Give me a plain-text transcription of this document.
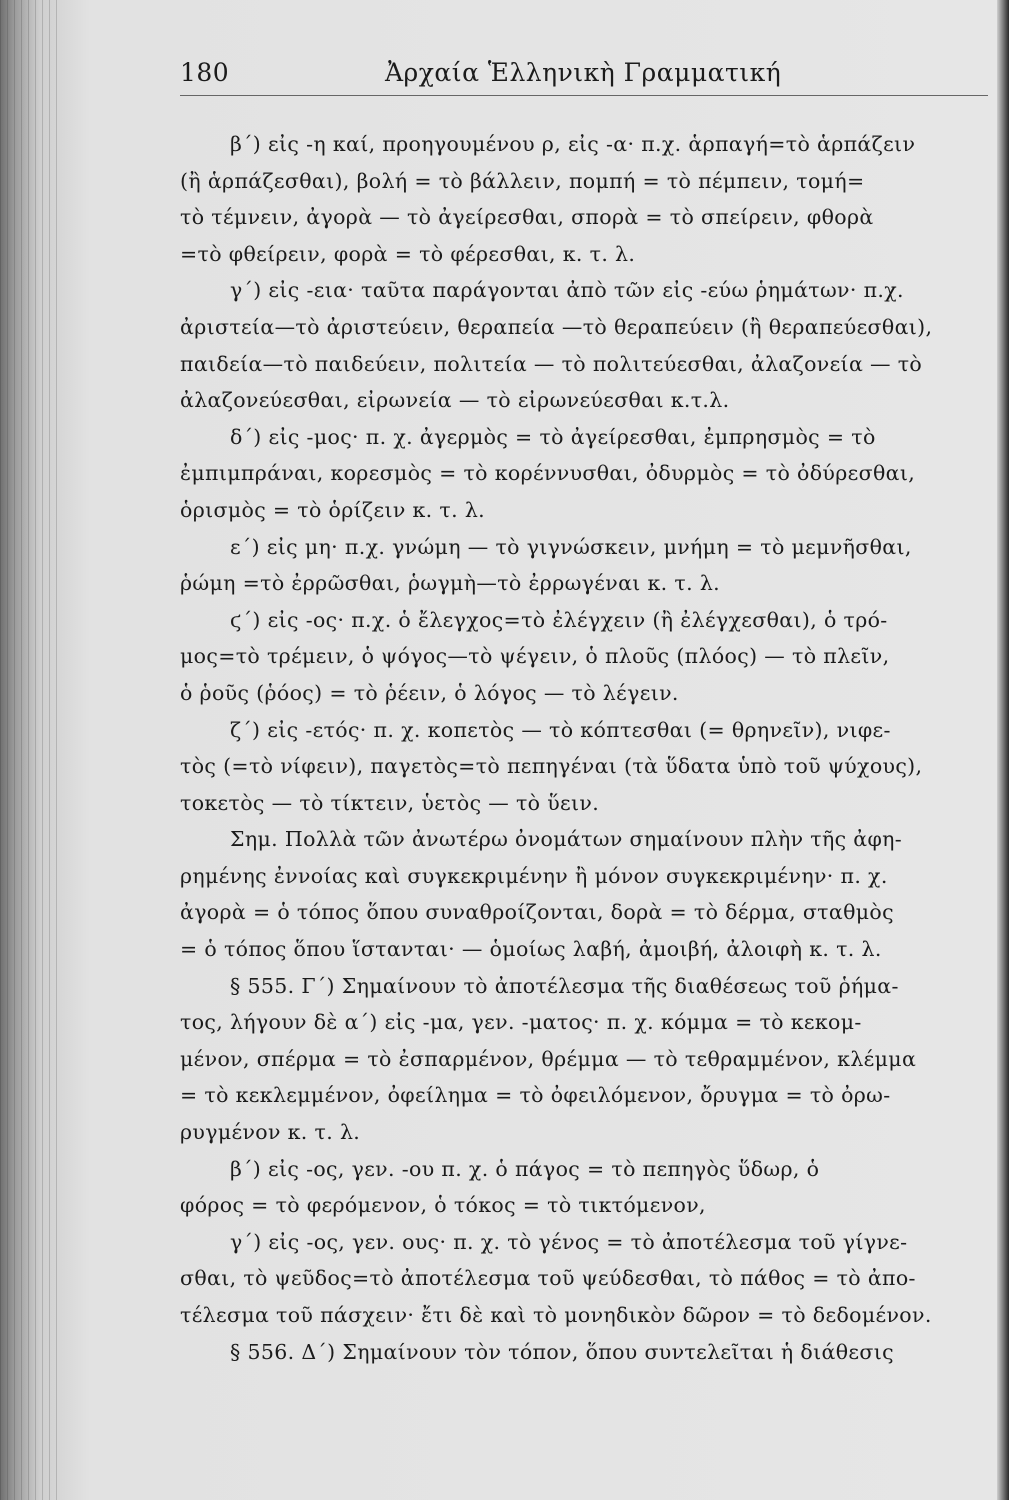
180	Ἀρχαία Ἑλληνικὴ Γραμματική
β΄) εἰς -η καί, προηγουμένου ρ, εἰς -α· π.χ. ἁρπαγή=τὸ ἁρπάζειν
(ἢ ἁρπάζεσθαι), βολή = τὸ βάλλειν, πομπή = τὸ πέμπειν, τομή=
τὸ τέμνειν, ἀγορὰ — τὸ ἀγείρεσθαι, σπορὰ = τὸ σπείρειν, φθορὰ
=τὸ φθείρειν, φορὰ = τὸ φέρεσθαι, κ. τ. λ.
γ΄) εἰς -εια· ταῦτα παράγονται ἀπὸ τῶν εἰς -εύω ῥημάτων· π.χ.
ἀριστεία—τὸ ἀριστεύειν, θεραπεία —τὸ θεραπεύειν (ἢ θεραπεύεσθαι),
παιδεία—τὸ παιδεύειν, πολιτεία — τὸ πολιτεύεσθαι, ἀλαζονεία — τὸ
ἀλαζονεύεσθαι, εἰρωνεία — τὸ εἰρωνεύεσθαι κ.τ.λ.
δ΄) εἰς -μος· π. χ. ἀγερμὸς = τὸ ἀγείρεσθαι, ἐμπρησμὸς = τὸ
ἐμπιμπράναι, κορεσμὸς = τὸ κορέννυσθαι, ὀδυρμὸς = τὸ ὀδύρεσθαι,
ὁρισμὸς = τὸ ὁρίζειν κ. τ. λ.
ε΄) εἰς μη· π.χ. γνώμη — τὸ γιγνώσκειν, μνήμη = τὸ μεμνῆσθαι,
ῥώμη =τὸ ἐρρῶσθαι, ῥωγμὴ—τὸ ἐρρωγέναι κ. τ. λ.
ϛ΄) εἰς -ος· π.χ. ὁ ἔλεγχος=τὸ ἐλέγχειν (ἢ ἐλέγχεσθαι), ὁ τρό-
μος=τὸ τρέμειν, ὁ ψόγος—τὸ ψέγειν, ὁ πλοῦς (πλόος) — τὸ πλεῖν,
ὁ ῥοῦς (ῥόος) = τὸ ῥέειν, ὁ λόγος — τὸ λέγειν.
ζ΄) εἰς -ετός· π. χ. κοπετὸς — τὸ κόπτεσθαι (= θρηνεῖν), νιφε-
τὸς (=τὸ νίφειν), παγετὸς=τὸ πεπηγέναι (τὰ ὕδατα ὑπὸ τοῦ ψύχους),
τοκετὸς — τὸ τίκτειν, ὑετὸς — τὸ ὕειν.
Σημ. Πολλὰ τῶν ἀνωτέρω ὀνομάτων σημαίνουν πλὴν τῆς ἀφη-
ρημένης ἐννοίας καὶ συγκεκριμένην ἢ μόνον συγκεκριμένην· π. χ.
ἀγορὰ = ὁ τόπος ὅπου συναθροίζονται, δορὰ = τὸ δέρμα, σταθμὸς
= ὁ τόπος ὅπου ἵστανται· — ὁμοίως λαβή, ἀμοιβή, ἀλοιφὴ κ. τ. λ.
§ 555. Γ΄) Σημαίνουν τὸ ἀποτέλεσμα τῆς διαθέσεως τοῦ ῥήμα-
τος, λήγουν δὲ α΄) εἰς -μα, γεν. -ματος· π. χ. κόμμα = τὸ κεκομ-
μένον, σπέρμα = τὸ ἐσπαρμένον, θρέμμα — τὸ τεθραμμένον, κλέμμα
= τὸ κεκλεμμένον, ὀφείλημα = τὸ ὀφειλόμενον, ὄρυγμα = τὸ ὀρω-
ρυγμένον κ. τ. λ.
β΄) εἰς -ος, γεν. -ου π. χ. ὁ πάγος = τὸ πεπηγὸς ὕδωρ, ὁ
φόρος = τὸ φερόμενον, ὁ τόκος = τὸ τικτόμενον,
γ΄) εἰς -ος, γεν. ους· π. χ. τὸ γένος = τὸ ἀποτέλεσμα τοῦ γίγνε-
σθαι, τὸ ψεῦδος=τὸ ἀποτέλεσμα τοῦ ψεύδεσθαι, τὸ πάθος = τὸ ἀπο-
τέλεσμα τοῦ πάσχειν· ἔτι δὲ καὶ τὸ μονηδικὸν δῶρον = τὸ δεδομένον.
§ 556. Δ΄) Σημαίνουν τὸν τόπον, ὅπου συντελεῖται ἡ διάθεσις
